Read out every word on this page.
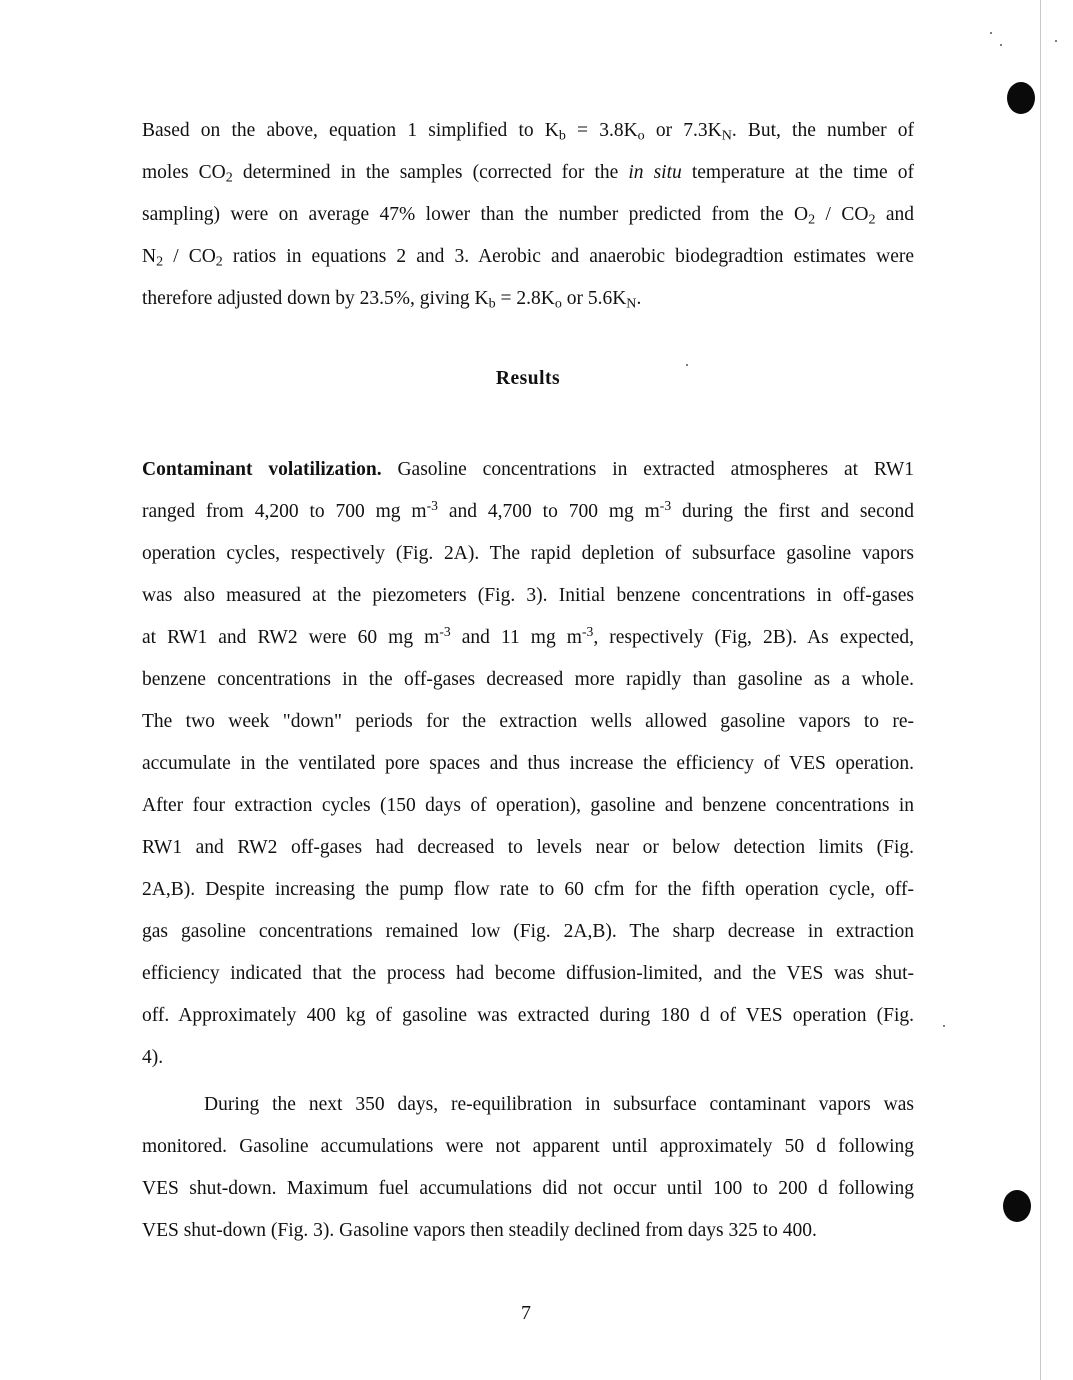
Based on the above, equation 1 simplified to $K_b = 3.8K_o$ or $7.3K_N$. But, the number of
moles $CO_2$ determined in the samples (corrected for the in situ temperature at the time of
sampling) were on average 47% lower than the number predicted from the $O_2 / CO_2$ and
$N_2 / CO_2$ ratios in equations 2 and 3. Aerobic and anaerobic biodegradtion estimates were
therefore adjusted down by 23.5%, giving $K_b = 2.8K_o$ or $5.6K_N$.
Results
Contaminant volatilization. Gasoline concentrations in extracted atmospheres at RW1
ranged from 4,200 to 700 mg $m^{-3}$ and 4,700 to 700 mg $m^{-3}$ during the first and second
operation cycles, respectively (Fig. 2A). The rapid depletion of subsurface gasoline vapors
was also measured at the piezometers (Fig. 3). Initial benzene concentrations in off-gases
at RW1 and RW2 were 60 mg $m^{-3}$ and 11 mg $m^{-3}$, respectively (Fig, 2B). As expected,
benzene concentrations in the off-gases decreased more rapidly than gasoline as a whole.
The two week "down" periods for the extraction wells allowed gasoline vapors to re-
accumulate in the ventilated pore spaces and thus increase the efficiency of VES operation.
After four extraction cycles (150 days of operation), gasoline and benzene concentrations in
RW1 and RW2 off-gases had decreased to levels near or below detection limits (Fig.
2A,B). Despite increasing the pump flow rate to 60 cfm for the fifth operation cycle, off-
gas gasoline concentrations remained low (Fig. 2A,B). The sharp decrease in extraction
efficiency indicated that the process had become diffusion-limited, and the VES was shut-
off. Approximately 400 kg of gasoline was extracted during 180 d of VES operation (Fig.
4).
During the next 350 days, re-equilibration in subsurface contaminant vapors was
monitored. Gasoline accumulations were not apparent until approximately 50 d following
VES shut-down. Maximum fuel accumulations did not occur until 100 to 200 d following
VES shut-down (Fig. 3). Gasoline vapors then steadily declined from days 325 to 400.
7
